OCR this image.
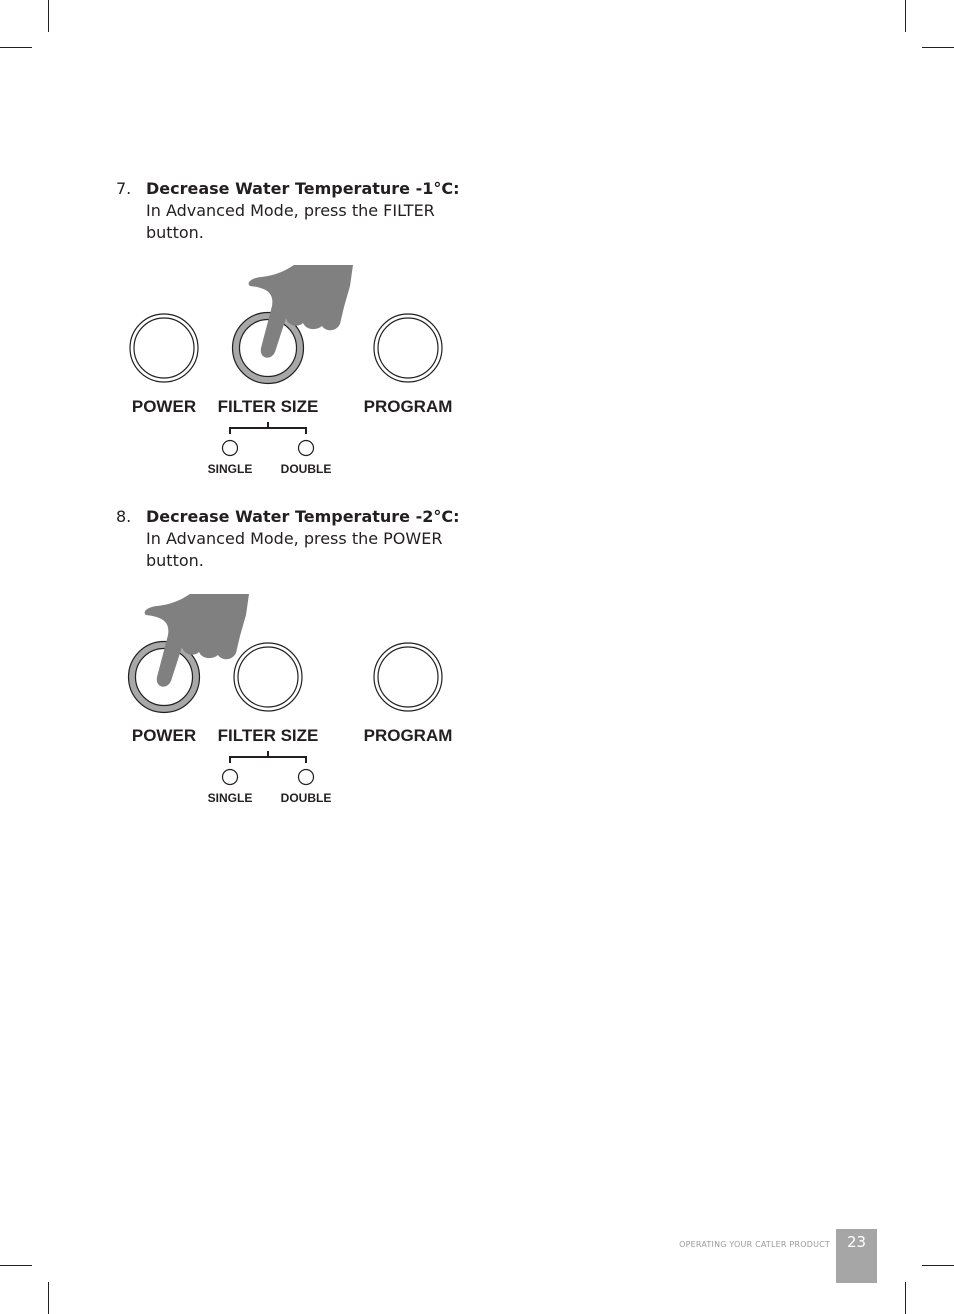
7. Decrease Water Temperature -1°C:
In Advanced Mode, press the FILTER button.
POWER FILTER SIZE	PROGRAM
SINGLE DOUBLE
8. Decrease Water Temperature -2°C:
In Advanced Mode, press the POWER button.
POWER FILTER SIZE	PROGRAM
SINGLE DOUBLE
OPERATING YOUR CATLER PRODUCT	23
